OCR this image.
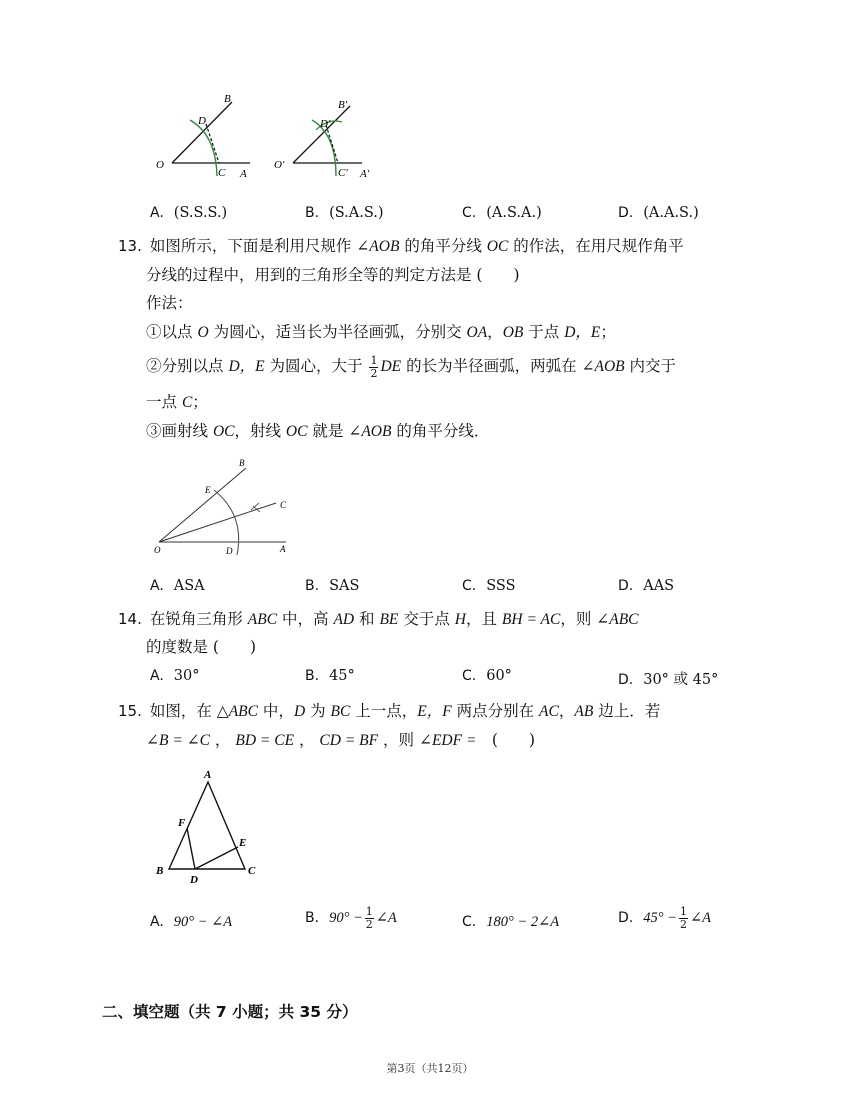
B
D
O
C A
B′
D′
O′
C′ A′
A. (S.S.S.)	B. (S.A.S.)	C. (A.S.A.)	D. (A.A.S.)
13. 如图所示，下面是利用尺规作 ∠AOB 的角平分线 OC 的作法，在用尺规作角平
分线的过程中，用到的三角形全等的判定方法是 (　　)
作法：
①以点 O 为圆心，适当长为半径画弧，分别交 OA，OB 于点 D，E；
②分别以点 D，E 为圆心，大于 $\frac{1}{2}$ DE 的长为半径画弧，两弧在 ∠AOB 内交于
一点 C；
③画射线 OC，射线 OC 就是 ∠AOB 的角平分线．
B
E
C
O	D	A
A. ASA	B. SAS	C. SSS	D. AAS
14. 在锐角三角形 ABC 中，高 AD 和 BE 交于点 H，且 BH = AC，则 ∠ABC
的度数是 (　　)
A. 30°	B. 45°	C. 60°	D. 30° 或 45°
15. 如图，在 △ABC 中，D 为 BC 上一点，E，F 两点分别在 AC，AB 边上．若
∠B = ∠C ， BD = CE ， CD = BF ，则 ∠EDF =　(　　)
A
F
E
B
D
C
A. 90° − ∠A	B. $90^\circ - \frac{1}{2}$ ∠A	C. 180° − 2∠A	D. $45^\circ - \frac{1}{2}$ ∠A
二、填空题（共 7 小题；共 35 分）
第3页（共12页）
